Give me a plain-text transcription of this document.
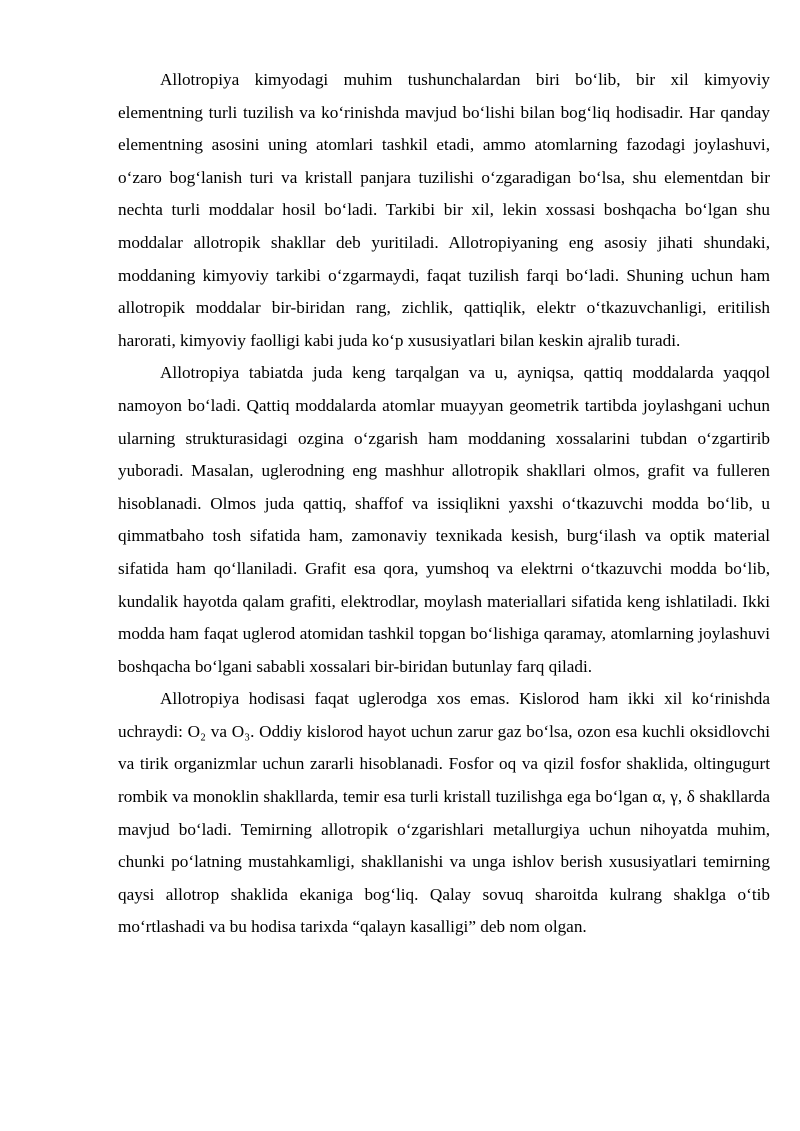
Allotropiya kimyodagi muhim tushunchalardan biri boʻlib, bir xil kimyoviy elementning turli tuzilish va koʻrinishda mavjud boʻlishi bilan bogʻliq hodisadir. Har qanday elementning asosini uning atomlari tashkil etadi, ammo atomlarning fazodagi joylashuvi, oʻzaro bogʻlanish turi va kristall panjara tuzilishi oʻzgaradigan boʻlsa, shu elementdan bir nechta turli moddalar hosil boʻladi. Tarkibi bir xil, lekin xossasi boshqacha boʻlgan shu moddalar allotropik shakllar deb yuritiladi. Allotropiyaning eng asosiy jihati shundaki, moddaning kimyoviy tarkibi oʻzgarmaydi, faqat tuzilish farqi boʻladi. Shuning uchun ham allotropik moddalar bir-biridan rang, zichlik, qattiqlik, elektr oʻtkazuvchanligi, eritilish harorati, kimyoviy faolligi kabi juda koʻp xususiyatlari bilan keskin ajralib turadi.

Allotropiya tabiatda juda keng tarqalgan va u, ayniqsa, qattiq moddalarda yaqqol namoyon boʻladi. Qattiq moddalarda atomlar muayyan geometrik tartibda joylashgani uchun ularning strukturasidagi ozgina oʻzgarish ham moddaning xossalarini tubdan oʻzgartirib yuboradi. Masalan, uglerodning eng mashhur allotropik shakllari olmos, grafit va fulleren hisoblanadi. Olmos juda qattiq, shaffof va issiqlikni yaxshi oʻtkazuvchi modda boʻlib, u qimmatbaho tosh sifatida ham, zamonaviy texnikada kesish, burgʻilash va optik material sifatida ham qoʻllaniladi. Grafit esa qora, yumshoq va elektrni oʻtkazuvchi modda boʻlib, kundalik hayotda qalam grafiti, elektrodlar, moylash materiallari sifatida keng ishlatiladi. Ikki modda ham faqat uglerod atomidan tashkil topgan boʻlishiga qaramay, atomlarning joylashuvi boshqacha boʻlgani sababli xossalari bir-biridan butunlay farq qiladi.

Allotropiya hodisasi faqat uglerodga xos emas. Kislorod ham ikki xil koʻrinishda uchraydi: O₂ va O₃. Oddiy kislorod hayot uchun zarur gaz boʻlsa, ozon esa kuchli oksidlovchi va tirik organizmlar uchun zararli hisoblanadi. Fosfor oq va qizil fosfor shaklida, oltingugurt rombik va monoklin shakllarda, temir esa turli kristall tuzilishga ega boʻlgan α, γ, δ shakllarda mavjud boʻladi. Temirning allotropik oʻzgarishlari metallurgiya uchun nihoyatda muhim, chunki poʻlatning mustahkamligi, shakllanishi va unga ishlov berish xususiyatlari temirning qaysi allotrop shaklida ekaniga bogʻliq. Qalay sovuq sharoitda kulrang shaklga oʻtib moʻrtlashadi va bu hodisa tarixda “qalayn kasalligi” deb nom olgan.
